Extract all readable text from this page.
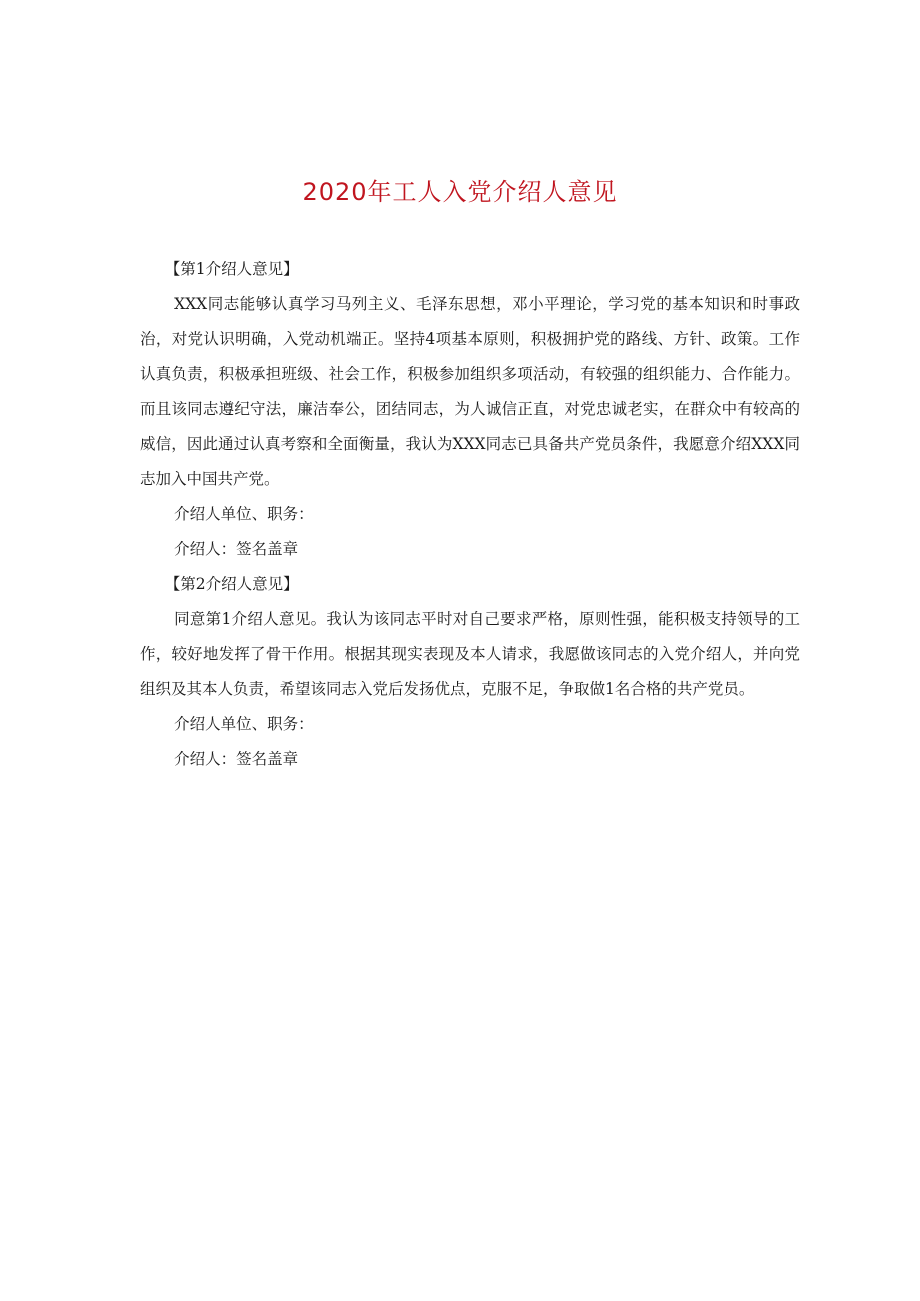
2020年工人入党介绍人意见

【第1介绍人意见】

XXX同志能够认真学习马列主义、毛泽东思想，邓小平理论，学习党的基本知识和时事政治，对党认识明确，入党动机端正。坚持4项基本原则，积极拥护党的路线、方针、政策。工作认真负责，积极承担班级、社会工作，积极参加组织多项活动，有较强的组织能力、合作能力。而且该同志遵纪守法，廉洁奉公，团结同志，为人诚信正直，对党忠诚老实，在群众中有较高的威信，因此通过认真考察和全面衡量，我认为XXX同志已具备共产党员条件，我愿意介绍XXX同志加入中国共产党。

介绍人单位、职务：

介绍人：签名盖章

【第2介绍人意见】

同意第1介绍人意见。我认为该同志平时对自己要求严格，原则性强，能积极支持领导的工作，较好地发挥了骨干作用。根据其现实表现及本人请求，我愿做该同志的入党介绍人，并向党组织及其本人负责，希望该同志入党后发扬优点，克服不足，争取做1名合格的共产党员。

介绍人单位、职务：

介绍人：签名盖章
